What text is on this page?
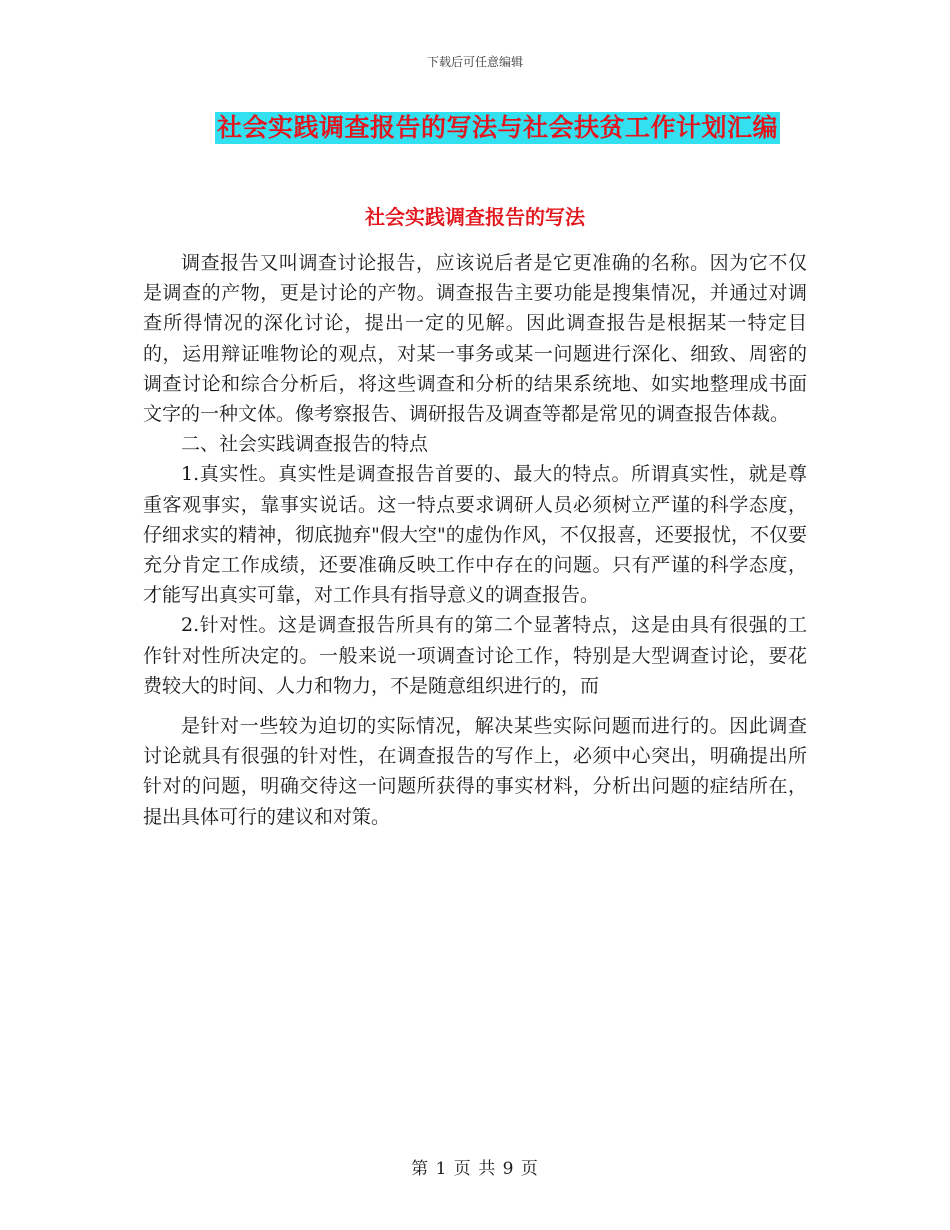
下载后可任意编辑
社会实践调查报告的写法与社会扶贫工作计划汇编
社会实践调查报告的写法

调查报告又叫调查讨论报告，应该说后者是它更准确的名称。因为它不仅是调查的产物，更是讨论的产物。调查报告主要功能是搜集情况，并通过对调查所得情况的深化讨论，提出一定的见解。因此调查报告是根据某一特定目的，运用辩证唯物论的观点，对某一事务或某一问题进行深化、细致、周密的调查讨论和综合分析后，将这些调查和分析的结果系统地、如实地整理成书面文字的一种文体。像考察报告、调研报告及调查等都是常见的调查报告体裁。

二、社会实践调查报告的特点

1.真实性。真实性是调查报告首要的、最大的特点。所谓真实性，就是尊重客观事实，靠事实说话。这一特点要求调研人员必须树立严谨的科学态度，仔细求实的精神，彻底抛弃"假大空"的虚伪作风，不仅报喜，还要报忧，不仅要充分肯定工作成绩，还要准确反映工作中存在的问题。只有严谨的科学态度，才能写出真实可靠，对工作具有指导意义的调查报告。

2.针对性。这是调查报告所具有的第二个显著特点，这是由具有很强的工作针对性所决定的。一般来说一项调查讨论工作，特别是大型调查讨论，要花费较大的时间、人力和物力，不是随意组织进行的，而

是针对一些较为迫切的实际情况，解决某些实际问题而进行的。因此调查讨论就具有很强的针对性，在调查报告的写作上，必须中心突出，明确提出所针对的问题，明确交待这一问题所获得的事实材料，分析出问题的症结所在，提出具体可行的建议和对策。

第 1 页 共 9 页
